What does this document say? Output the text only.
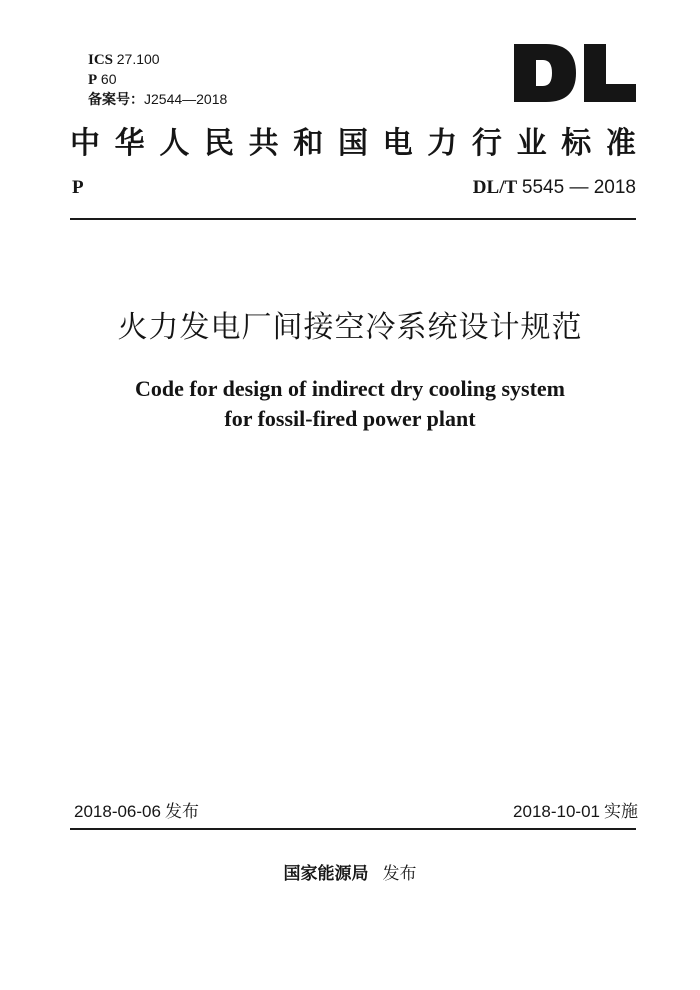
ICS 27.100
P 60
备案号：J2544—2018
中 华 人 民 共 和 国 电 力 行 业 标 准
P	DL/T 5545 — 2018
火力发电厂间接空冷系统设计规范
Code for design of indirect dry cooling system
for fossil-fired power plant
2018-06-06 发布	2018-10-01 实施
国家能源局 发布
